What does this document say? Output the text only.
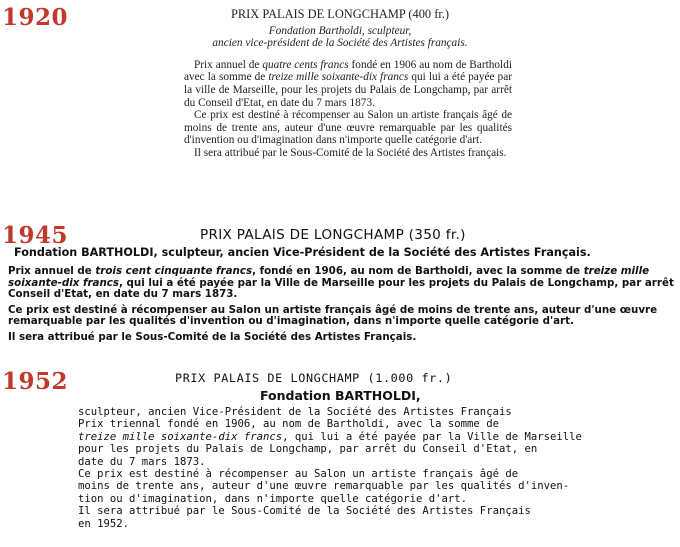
1920	PRIX PALAIS DE LONGCHAMP (400 fr.)

Fondation Bartholdi, sculpteur,

ancien vice-président de la Société des Artistes français.

Prix annuel de quatre cents francs fondé en 1906 au nom de Bartholdi avec la somme de treize mille soixante-dix francs qui lui a été payée par la ville de Marseille, pour les projets du Palais de Longchamp, par arrêt du Conseil d'Etat, en date du 7 mars 1873.

Ce prix est destiné à récompenser au Salon un artiste français âgé de moins de trente ans, auteur d'une œuvre remarquable par les qualités d'invention ou d'imagination dans n'importe quelle catégorie d'art.

Il sera attribué par le Sous-Comité de la Société des Artistes français.

1945	PRIX PALAIS DE LONGCHAMP (350 fr.)

Fondation BARTHOLDI, sculpteur, ancien Vice-Président de la Société des Artistes Français.

Prix annuel de trois cent cinquante francs, fondé en 1906, au nom de Bartholdi, avec la somme de treize mille

soixante-dix francs, qui lui a été payée par la Ville de Marseille pour les projets du Palais de Longchamp, par arrêt

Conseil d'Etat, en date du 7 mars 1873.

Ce prix est destiné à récompenser au Salon un artiste français âgé de moins de trente ans, auteur d'une œuvre

remarquable par les qualités d'invention ou d'imagination, dans n'importe quelle catégorie d'art.

Il sera attribué par le Sous-Comité de la Société des Artistes Français.

1952	PRIX PALAIS DE LONGCHAMP (1.000 fr.)

Fondation BARTHOLDI,

sculpteur, ancien Vice-Président de la Société des Artistes Français

Prix triennal fondé en 1906, au nom de Bartholdi, avec la somme de

treize mille soixante-dix francs, qui lui a été payée par la Ville de Marseille

pour les projets du Palais de Longchamp, par arrêt du Conseil d'Etat, en

date du 7 mars 1873.

Ce prix est destiné à récompenser au Salon un artiste français âgé de

moins de trente ans, auteur d'une œuvre remarquable par les qualités d'inven-

tion ou d'imagination, dans n'importe quelle catégorie d'art.

Il sera attribué par le Sous-Comité de la Société des Artistes Français

en 1952.
